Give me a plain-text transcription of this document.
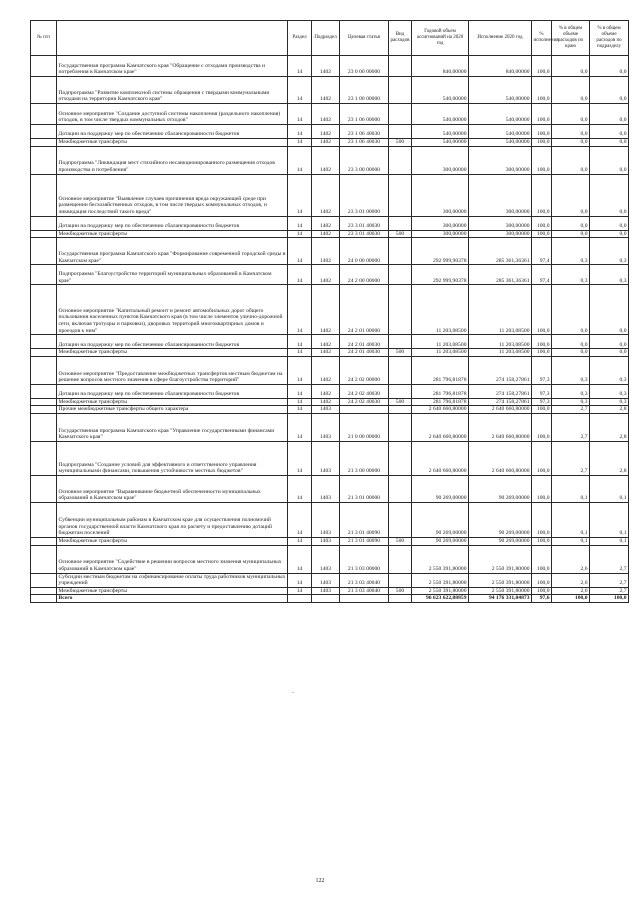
№ п/п		Раздел	Подраздел	Целевая статья	Вид расходов	Годовой объем ассигнований на 2020 год	Исполнение 2020 год	% исполнения	% в общем объеме расходов по краю	% в общем объеме расходов по подразделу
	Государственная программа Камчатского края "Обращение с отходами производства и потребления в Камчатском крае"	14	1402	23 0 00 00000		840,00000	840,00000	100,0	0,0	0,0
	Подпрограмма "Развитие комплексной системы обращения с твердыми коммунальными отходами на территории Камчатского края"	14	1402	23 1 00 00000		540,00000	540,00000	100,0	0,0	0,0
	Основное мероприятие "Создание доступной системы накопления (раздельного накопления) отходов, в том числе твердых коммунальных отходов"	14	1402	23 1 06 00000		540,00000	540,00000	100,0	0,0	0,0
	Дотации на поддержку мер по обеспечению сбалансированности бюджетов	14	1402	23 1 06 40030		540,00000	540,00000	100,0	0,0	0,0
	Межбюджетные трансферты	14	1402	23 1 06 40030	500	540,00000	540,00000	100,0	0,0	0,0
	Подпрограмма "Ликвидация мест стихийного несанкционированного размещения отходов производства и потребления"	14	1402	23 3 00 00000		300,00000	300,00000	100,0	0,0	0,0
	Основное мероприятие "Выявление случаев причинения вреда окружающей среде при размещении бесхозяйственных отходов, в том числе твердых коммунальных отходов, и ликвидация последствий такого вреда"	14	1402	23 3 01 00000		300,00000	300,00000	100,0	0,0	0,0
	Дотации на поддержку мер по обеспечению сбалансированности бюджетов	14	1402	23 3 01 40030		300,00000	300,00000	100,0	0,0	0,0
	Межбюджетные трансферты	14	1402	23 3 01 40030	500	300,00000	300,00000	100,0	0,0	0,0
	Государственная программа Камчатского края "Формирование современной городской среды в Камчатском крае"	14	1402	24 0 00 00000		292 999,90378	285 361,36361	97,4	0,3	0,3
	Подпрограмма "Благоустройство территорий муниципальных образований в Камчатском крае"	14	1402	24 2 00 00000		292 999,90378	285 361,36361	97,4	0,3	0,3
	Основное мероприятие "Капитальный ремонт и ремонт автомобильных дорог общего пользования населенных пунктов Камчатского края (в том числе элементов улично-дорожной сети, включая тротуары и парковки), дворовых территорий многоквартирных домов и проездов к ним"	14	1402	24 2 01 00000		11 203,08500	11 203,08500	100,0	0,0	0,0
	Дотации на поддержку мер по обеспечению сбалансированности бюджетов	14	1402	24 2 01 40030		11 203,08500	11 203,08500	100,0	0,0	0,0
	Межбюджетные трансферты	14	1402	24 2 01 40030	500	11 203,08500	11 203,08500	100,0	0,0	0,0
	Основное мероприятие "Предоставление межбюджетных трансфертов местным бюджетам на решение вопросов местного значения в сфере благоустройства территорий"	14	1402	24 2 02 00000		281 796,81878	274 158,27861	97,3	0,3	0,3
	Дотации на поддержку мер по обеспечению сбалансированности бюджетов	14	1402	24 2 02 40030		281 796,81878	274 158,27861	97,3	0,3	0,3
	Межбюджетные трансферты	14	1402	24 2 02 40030	500	281 796,81878	274 158,27861	97,3	0,3	0,3
	Прочие межбюджетные трансферты общего характера	14	1403			2 640 660,80000	2 640 660,80000	100,0	2,7	2,8
	Государственная программа Камчатского края "Управление государственными финансами Камчатского края"	14	1403	21 0 00 00000		2 640 660,80000	2 640 660,80000	100,0	2,7	2,8
	Подпрограмма "Создание условий для эффективного и ответственного управления муниципальными финансами, повышения устойчивости местных бюджетов"	14	1403	21 3 00 00000		2 640 660,80000	2 640 660,80000	100,0	2,7	2,8
	Основное мероприятие "Выравнивание бюджетной обеспеченности муниципальных образований в Камчатском крае"	14	1403	21 3 01 00000		90 269,00000	90 269,00000	100,0	0,1	0,1
	Субвенции муниципальным районам в Камчатском крае для осуществления полномочий органов государственной власти Камчатского края по расчету и предоставлению дотаций бюджетам поселений	14	1403	21 3 01 40090		90 269,00000	90 269,00000	100,0	0,1	0,1
	Межбюджетные трансферты	14	1403	21 3 01 40090	500	90 269,00000	90 269,00000	100,0	0,1	0,1
	Основное мероприятие "Содействие в решении вопросов местного значения муниципальных образований в Камчатском крае"	14	1403	21 3 03 00000		2 550 391,80000	2 550 391,80000	100,0	2,6	2,7
	Субсидии местным бюджетам на софинансирование оплаты труда работников муниципальных учреждений	14	1403	21 3 03 40040		2 550 391,80000	2 550 391,80000	100,0	2,6	2,7
	Межбюджетные трансферты	14	1403	21 3 03 40040	500	2 550 391,80000	2 550 391,80000	100,0	2,6	2,7
	Всего					96 623 622,88859	94 176 331,04873	97,6	100,0	100,0
-
122
